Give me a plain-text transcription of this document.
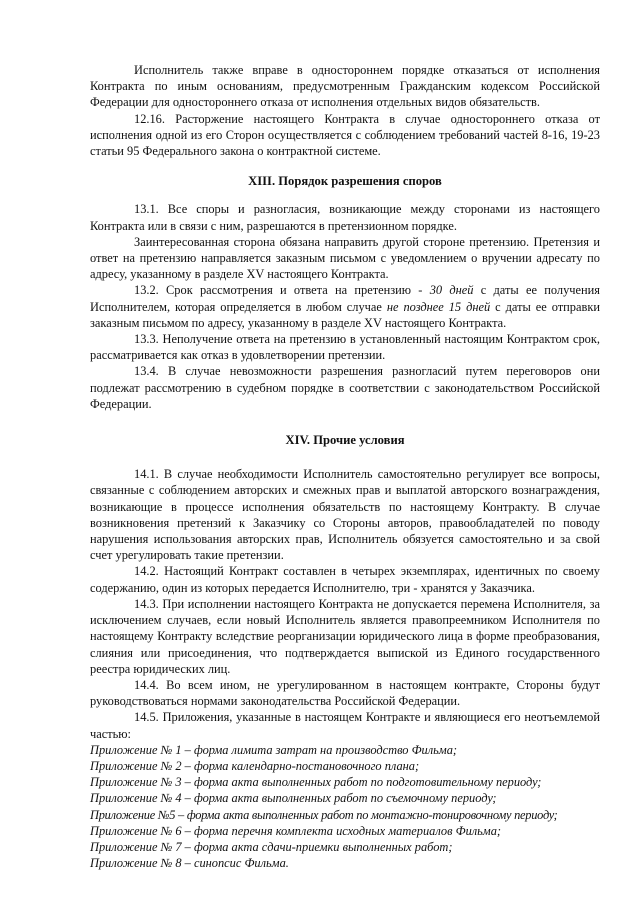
Исполнитель также вправе в одностороннем порядке отказаться от исполнения Контракта по иным основаниям, предусмотренным Гражданским кодексом Российской Федерации для одностороннего отказа от исполнения отдельных видов обязательств.

12.16. Расторжение настоящего Контракта в случае одностороннего отказа от исполнения одной из его Сторон осуществляется с соблюдением требований частей 8-16, 19-23 статьи 95 Федерального закона о контрактной системе.

XIII. Порядок разрешения споров

13.1. Все споры и разногласия, возникающие между сторонами из настоящего Контракта или в связи с ним, разрешаются в претензионном порядке.

Заинтересованная сторона обязана направить другой стороне претензию. Претензия и ответ на претензию направляется заказным письмом с уведомлением о вручении адресату по адресу, указанному в разделе XV настоящего Контракта.

13.2. Срок рассмотрения и ответа на претензию - 30 дней с даты ее получения Исполнителем, которая определяется в любом случае не позднее 15 дней с даты ее отправки заказным письмом по адресу, указанному в разделе XV настоящего Контракта.

13.3. Неполучение ответа на претензию в установленный настоящим Контрактом срок, рассматривается как отказ в удовлетворении претензии.

13.4. В случае невозможности разрешения разногласий путем переговоров они подлежат рассмотрению в судебном порядке в соответствии с законодательством Российской Федерации.

XIV. Прочие условия

14.1. В случае необходимости Исполнитель самостоятельно регулирует все вопросы, связанные с соблюдением авторских и смежных прав и выплатой авторского вознаграждения, возникающие в процессе исполнения обязательств по настоящему Контракту. В случае возникновения претензий к Заказчику со Стороны авторов, правообладателей по поводу нарушения использования авторских прав, Исполнитель обязуется самостоятельно и за свой счет урегулировать такие претензии.

14.2. Настоящий Контракт составлен в четырех экземплярах, идентичных по своему содержанию, один из которых передается Исполнителю, три - хранятся у Заказчика.

14.3. При исполнении настоящего Контракта не допускается перемена Исполнителя, за исключением случаев, если новый Исполнитель является правопреемником Исполнителя по настоящему Контракту вследствие реорганизации юридического лица в форме преобразования, слияния или присоединения, что подтверждается выпиской из Единого государственного реестра юридических лиц.

14.4. Во всем ином, не урегулированном в настоящем контракте, Стороны будут руководствоваться нормами законодательства Российской Федерации.

14.5. Приложения, указанные в настоящем Контракте и являющиеся его неотъемлемой частью:

Приложение № 1 – форма лимита затрат на производство Фильма;

Приложение № 2 – форма календарно-постановочного плана;

Приложение № 3 – форма акта выполненных работ по подготовительному периоду;

Приложение № 4 – форма акта выполненных работ по съемочному периоду;

Приложение №5 – форма акта выполненных работ по монтажно-тонировочному периоду;

Приложение № 6 – форма перечня комплекта исходных материалов Фильма;

Приложение № 7 – форма акта сдачи-приемки выполненных работ;

Приложение № 8 – синопсис Фильма.
